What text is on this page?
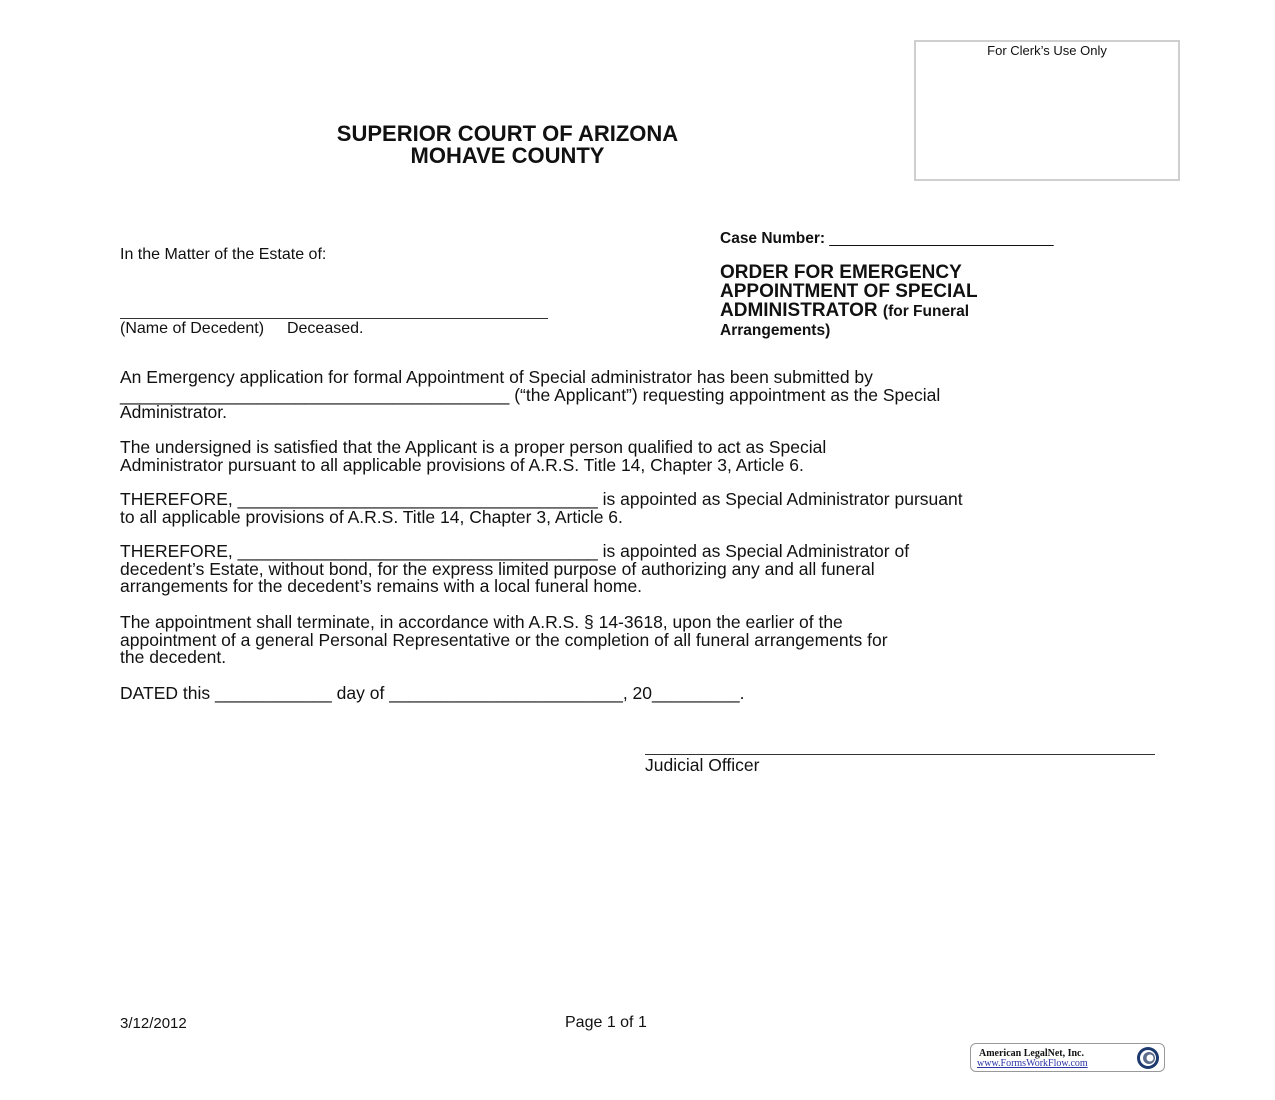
For Clerk’s Use Only
SUPERIOR COURT OF ARIZONA
MOHAVE COUNTY
Case Number: __________________________
In the Matter of the Estate of:
(Name of Decedent) Deceased.
ORDER FOR EMERGENCY
APPOINTMENT OF SPECIAL
ADMINISTRATOR (for Funeral
Arrangements)
An Emergency application for formal Appointment of Special administrator has been submitted by
________________________________________ (“the Applicant”) requesting appointment as the Special
Administrator.
The undersigned is satisfied that the Applicant is a proper person qualified to act as Special
Administrator pursuant to all applicable provisions of A.R.S. Title 14, Chapter 3, Article 6.
THEREFORE, _____________________________________ is appointed as Special Administrator pursuant
to all applicable provisions of A.R.S. Title 14, Chapter 3, Article 6.
THEREFORE, _____________________________________ is appointed as Special Administrator of
decedent’s Estate, without bond, for the express limited purpose of authorizing any and all funeral
arrangements for the decedent’s remains with a local funeral home.
The appointment shall terminate, in accordance with A.R.S. § 14-3618, upon the earlier of the
appointment of a general Personal Representative or the completion of all funeral arrangements for
the decedent.
DATED this ____________ day of ________________________, 20_________.
Judicial Officer
3/12/2012	Page 1 of 1
American LegalNet, Inc.
www.FormsWorkFlow.com
